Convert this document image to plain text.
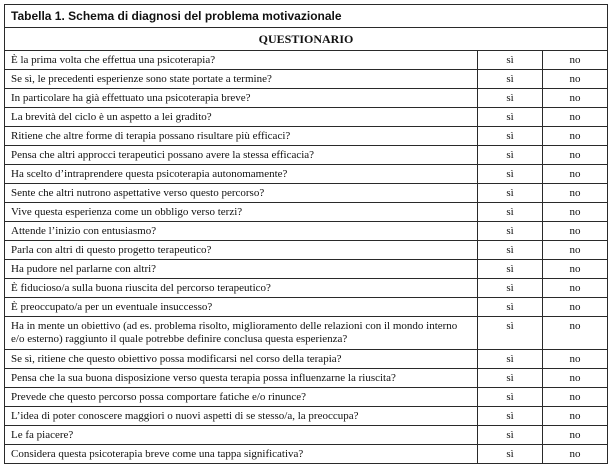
Tabella 1. Schema di diagnosi del problema motivazionale		
QUESTIONARIO		
È la prima volta che effettua una psicoterapia?	sì	no
Se sì, le precedenti esperienze sono state portate a termine?	sì	no
In particolare ha già effettuato una psicoterapia breve?	sì	no
La brevità del ciclo è un aspetto a lei gradito?	sì	no
Ritiene che altre forme di terapia possano risultare più efficaci?	sì	no
Pensa che altri approcci terapeutici possano avere la stessa efficacia?	sì	no
Ha scelto d’intraprendere questa psicoterapia autonomamente?	sì	no
Sente che altri nutrono aspettative verso questo percorso?	sì	no
Vive questa esperienza come un obbligo verso terzi?	sì	no
Attende l’inizio con entusiasmo?	sì	no
Parla con altri di questo progetto terapeutico?	sì	no
Ha pudore nel parlarne con altri?	sì	no
È fiducioso/a sulla buona riuscita del percorso terapeutico?	sì	no
È preoccupato/a per un eventuale insuccesso?	sì	no
Ha in mente un obiettivo (ad es. problema risolto, miglioramento delle relazioni con il mondo interno e/o esterno) raggiunto il quale potrebbe definire conclusa questa esperienza?	sì	no
Se sì, ritiene che questo obiettivo possa modificarsi nel corso della terapia?	sì	no
Pensa che la sua buona disposizione verso questa terapia possa influenzarne la riuscita?	sì	no
Prevede che questo percorso possa comportare fatiche e/o rinunce?	sì	no
L’idea di poter conoscere maggiori o nuovi aspetti di se stesso/a, la preoccupa?	sì	no
Le fa piacere?	sì	no
Considera questa psicoterapia breve come una tappa significativa?	sì	no
